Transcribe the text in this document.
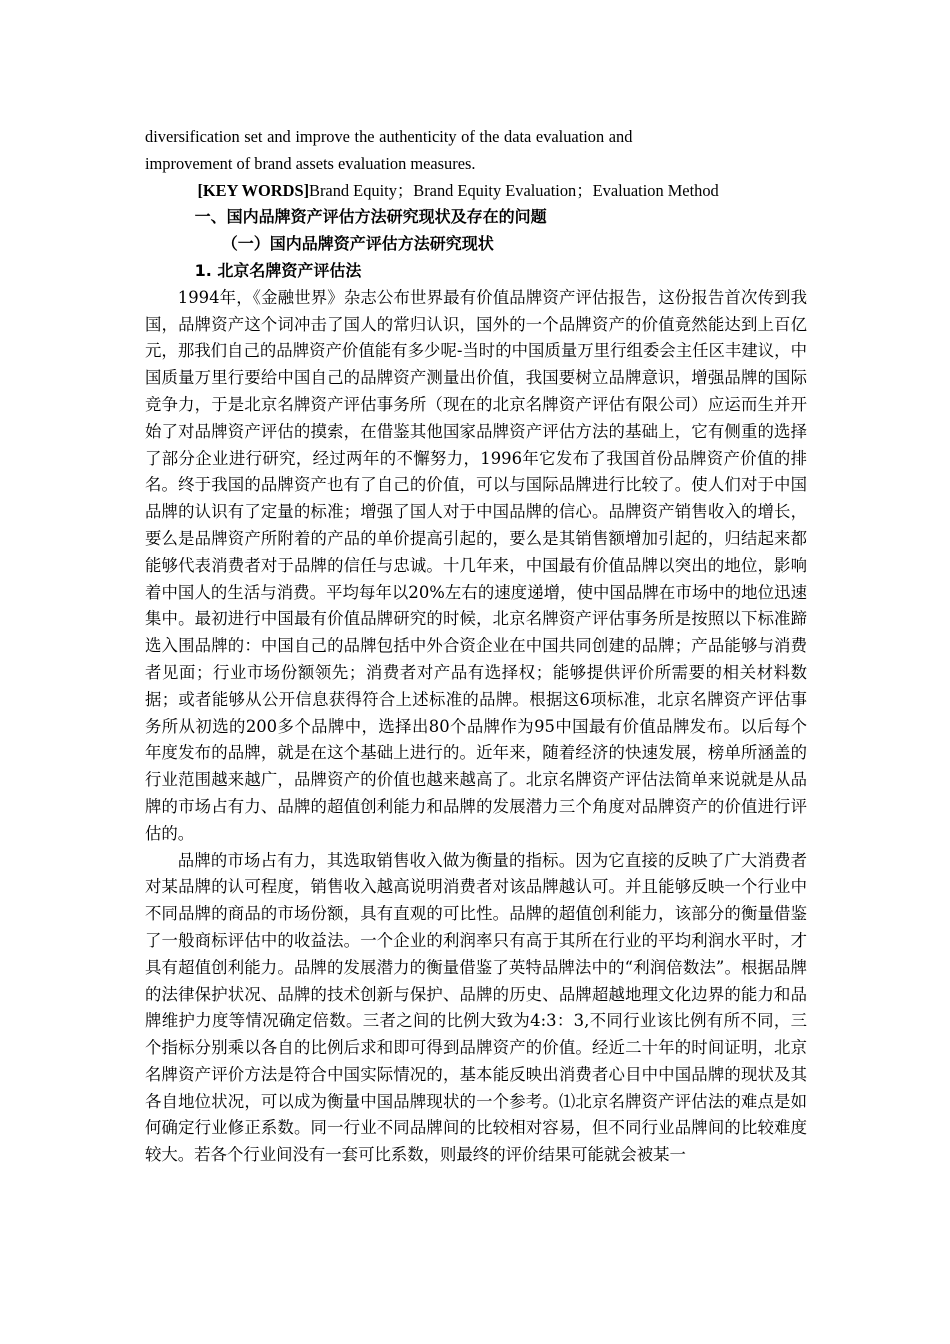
diversification set and improve the authenticity of the data evaluation and

improvement of brand assets evaluation measures.

[KEY WORDS]Brand Equity；Brand Equity Evaluation；Evaluation Method

一、国内品牌资产评估方法研究现状及存在的问题

（一）国内品牌资产评估方法研究现状

1. 北京名牌资产评估法

1994年，《金融世界》杂志公布世界最有价值品牌资产评估报告，这份报告首次传到我国，品牌资产这个词冲击了国人的常归认识，国外的一个品牌资产的价值竟然能达到上百亿元，那我们自己的品牌资产价值能有多少呢-当时的中国质量万里行组委会主任区丰建议，中国质量万里行要给中国自己的品牌资产测量出价值，我国要树立品牌意识，增强品牌的国际竞争力，于是北京名牌资产评估事务所（现在的北京名牌资产评估有限公司）应运而生并开始了对品牌资产评估的摸索，在借鉴其他国家品牌资产评估方法的基础上，它有侧重的选择了部分企业进行研究，经过两年的不懈努力，1996年它发布了我国首份品牌资产价值的排名。终于我国的品牌资产也有了自己的价值，可以与国际品牌进行比较了。使人们对于中国品牌的认识有了定量的标准；增强了国人对于中国品牌的信心。品牌资产销售收入的增长，要么是品牌资产所附着的产品的单价提高引起的，要么是其销售额增加引起的，归结起来都能够代表消费者对于品牌的信任与忠诚。十几年来，中国最有价值品牌以突出的地位，影响着中国人的生活与消费。平均每年以20%左右的速度递增，使中国品牌在市场中的地位迅速集中。最初进行中国最有价值品牌研究的时候，北京名牌资产评估事务所是按照以下标准蹄选入围品牌的：中国自己的品牌包括中外合资企业在中国共同创建的品牌；产品能够与消费者见面；行业市场份额领先；消费者对产品有选择权；能够提供评价所需要的相关材料数据；或者能够从公开信息获得符合上述标准的品牌。根据这6项标准，北京名牌资产评估事务所从初选的200多个品牌中，选择出80个品牌作为95中国最有价值品牌发布。以后每个年度发布的品牌，就是在这个基础上进行的。近年来，随着经济的快速发展，榜单所涵盖的行业范围越来越广，品牌资产的价值也越来越高了。北京名牌资产评估法简单来说就是从品牌的市场占有力、品牌的超值创利能力和品牌的发展潜力三个角度对品牌资产的价值进行评估的。

品牌的市场占有力，其选取销售收入做为衡量的指标。因为它直接的反映了广大消费者对某品牌的认可程度，销售收入越高说明消费者对该品牌越认可。并且能够反映一个行业中不同品牌的商品的市场份额，具有直观的可比性。品牌的超值创利能力，该部分的衡量借鉴了一般商标评估中的收益法。一个企业的利润率只有高于其所在行业的平均利润水平时，才具有超值创利能力。品牌的发展潜力的衡量借鉴了英特品牌法中的“利润倍数法”。根据品牌的法律保护状况、品牌的技术创新与保护、品牌的历史、品牌超越地理文化边界的能力和品牌维护力度等情况确定倍数。三者之间的比例大致为4:3：3,不同行业该比例有所不同，三个指标分别乘以各自的比例后求和即可得到品牌资产的价值。经近二十年的时间证明，北京名牌资产评价方法是符合中国实际情况的，基本能反映出消费者心目中中国品牌的现状及其各自地位状况，可以成为衡量中国品牌现状的一个参考。⑴北京名牌资产评估法的难点是如何确定行业修正系数。同一行业不同品牌间的比较相对容易，但不同行业品牌间的比较难度较大。若各个行业间没有一套可比系数，则最终的评价结果可能就会被某一
